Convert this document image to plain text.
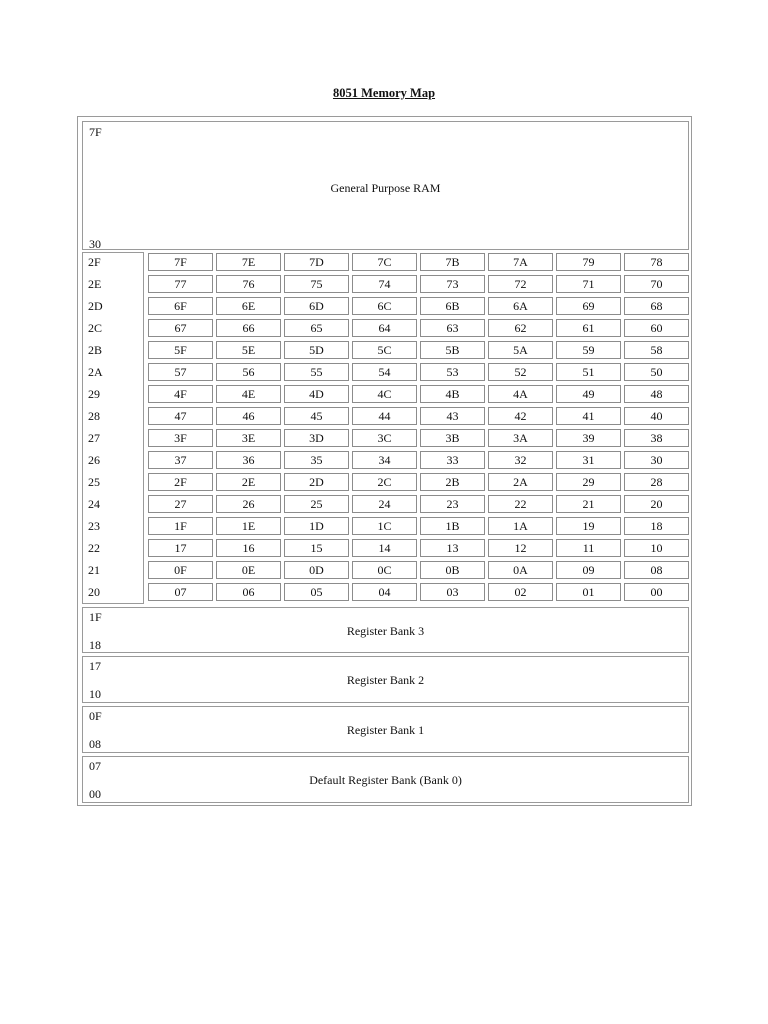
8051 Memory Map
7F
General Purpose RAM
30
2F	7F	7E	7D	7C	7B	7A	79	78
2E	77	76	75	74	73	72	71	70
2D	6F	6E	6D	6C	6B	6A	69	68
2C	67	66	65	64	63	62	61	60
2B	5F	5E	5D	5C	5B	5A	59	58
2A	57	56	55	54	53	52	51	50
29	4F	4E	4D	4C	4B	4A	49	48
28	47	46	45	44	43	42	41	40
27	3F	3E	3D	3C	3B	3A	39	38
26	37	36	35	34	33	32	31	30
25	2F	2E	2D	2C	2B	2A	29	28
24	27	26	25	24	23	22	21	20
23	1F	1E	1D	1C	1B	1A	19	18
22	17	16	15	14	13	12	11	10
21	0F	0E	0D	0C	0B	0A	09	08
20	07	06	05	04	03	02	01	00
1F
Register Bank 3
18
17
Register Bank 2
10
0F
Register Bank 1
08
07
Default Register Bank (Bank 0)
00
